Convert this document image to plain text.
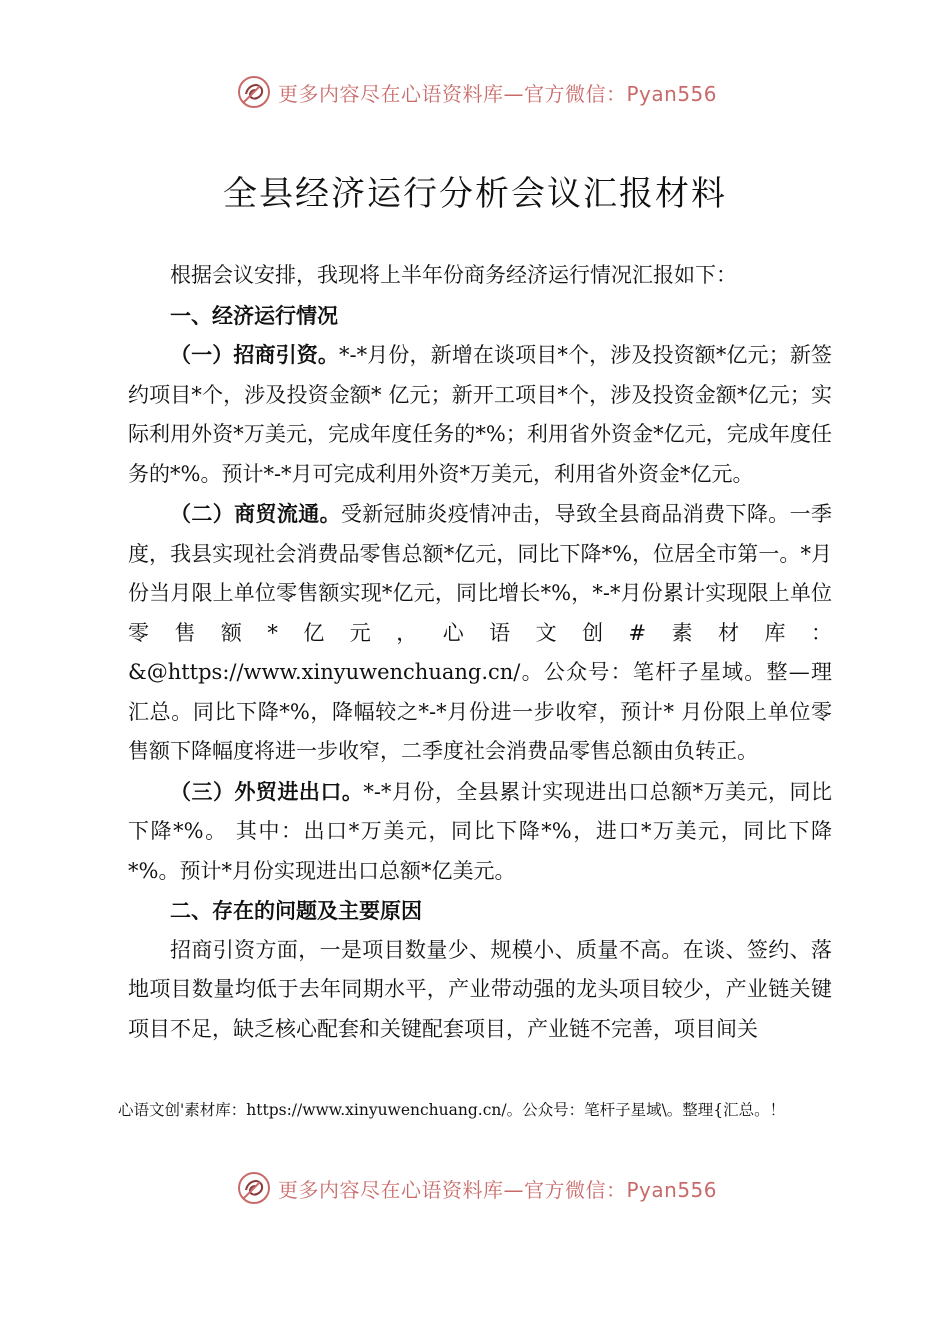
更多内容尽在心语资料库—官方微信：Pyan556
全县经济运行分析会议汇报材料

根据会议安排，我现将上半年份商务经济运行情况汇报如下：

一、经济运行情况

（一）招商引资。*-*月份，新增在谈项目*个，涉及投资额*亿元；新签约项目*个，涉及投资金额* 亿元；新开工项目*个，涉及投资金额*亿元；实际利用外资*万美元，完成年度任务的*%；利用省外资金*亿元，完成年度任务的*%。预计*-*月可完成利用外资*万美元，利用省外资金*亿元。

（二）商贸流通。受新冠肺炎疫情冲击，导致全县商品消费下降。一季度，我县实现社会消费品零售总额*亿元，同比下降*%，位居全市第一。*月份当月限上单位零售额实现*亿元，同比增长*%，*-*月份累计实现限上单位零售额*亿元，心语文创#素材库：&@https://www.xinyuwenchuang.cn/。公众号：笔杆子星域。整—理汇总。同比下降*%，降幅较之*-*月份进一步收窄，预计* 月份限上单位零售额下降幅度将进一步收窄，二季度社会消费品零售总额由负转正。

（三）外贸进出口。*-*月份，全县累计实现进出口总额*万美元，同比下降*%。 其中：出口*万美元，同比下降*%，进口*万美元，同比下降*%。预计*月份实现进出口总额*亿美元。

二、存在的问题及主要原因

招商引资方面，一是项目数量少、规模小、质量不高。在谈、签约、落地项目数量均低于去年同期水平，产业带动强的龙头项目较少，产业链关键项目不足，缺乏核心配套和关键配套项目，产业链不完善，项目间关

心语文创'素材库：https://www.xinyuwenchuang.cn/。公众号：笔杆子星域\。整理{汇总。！
更多内容尽在心语资料库—官方微信：Pyan556
